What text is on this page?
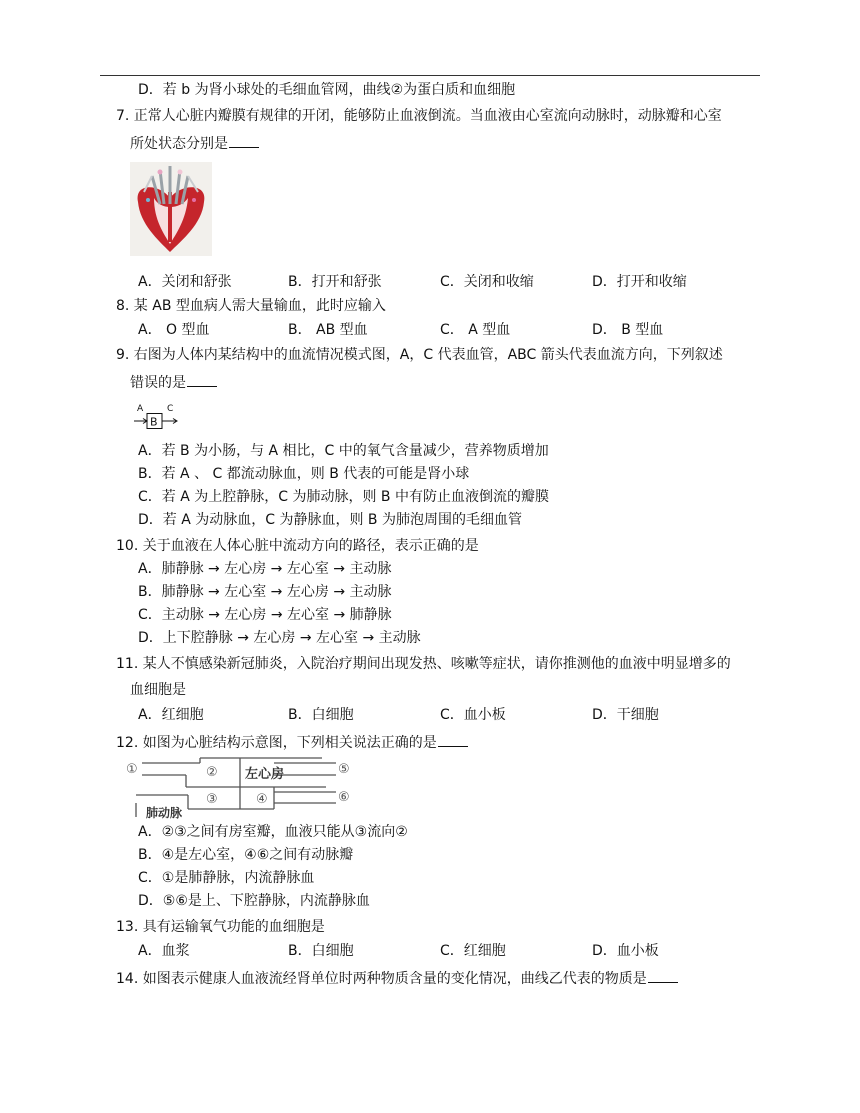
D．若 b 为肾小球处的毛细血管网，曲线②为蛋白质和血细胞
7. 正常人心脏内瓣膜有规律的开闭，能够防止血液倒流。当血液由心室流向动脉时，动脉瓣和心室
所处状态分别是
A．关闭和舒张	B．打开和舒张	C．关闭和收缩	D．打开和收缩
8. 某 AB 型血病人需大量输血，此时应输入
A． O 型血	B． AB 型血	C． A 型血	D． B 型血
9. 右图为人体内某结构中的血流情况模式图，A，C 代表血管，ABC 箭头代表血流方向，下列叙述
错误的是
A	C
B
A．若 B 为小肠，与 A 相比，C 中的氧气含量减少，营养物质增加
B．若 A 、 C 都流动脉血，则 B 代表的可能是肾小球
C．若 A 为上腔静脉，C 为肺动脉，则 B 中有防止血液倒流的瓣膜
D．若 A 为动脉血，C 为静脉血，则 B 为肺泡周围的毛细血管
10. 关于血液在人体心脏中流动方向的路径，表示正确的是
A．肺静脉 → 左心房 → 左心室 → 主动脉
B．肺静脉 → 左心室 → 左心房 → 主动脉
C．主动脉 → 左心房 → 左心室 → 肺静脉
D．上下腔静脉 → 左心房 → 左心室 → 主动脉
11. 某人不慎感染新冠肺炎，入院治疗期间出现发热、咳嗽等症状，请你推测他的血液中明显增多的
血细胞是
A．红细胞	B．白细胞	C．血小板	D．干细胞
12. 如图为心脏结构示意图，下列相关说法正确的是
①	②
③	④
⑤
⑥
左心房
肺动脉
A．②③之间有房室瓣，血液只能从③流向②
B．④是左心室，④⑥之间有动脉瓣
C．①是肺静脉，内流静脉血
D．⑤⑥是上、下腔静脉，内流静脉血
13. 具有运输氧气功能的血细胞是
A．血浆	B．白细胞	C．红细胞	D．血小板
14. 如图表示健康人血液流经肾单位时两种物质含量的变化情况，曲线乙代表的物质是
